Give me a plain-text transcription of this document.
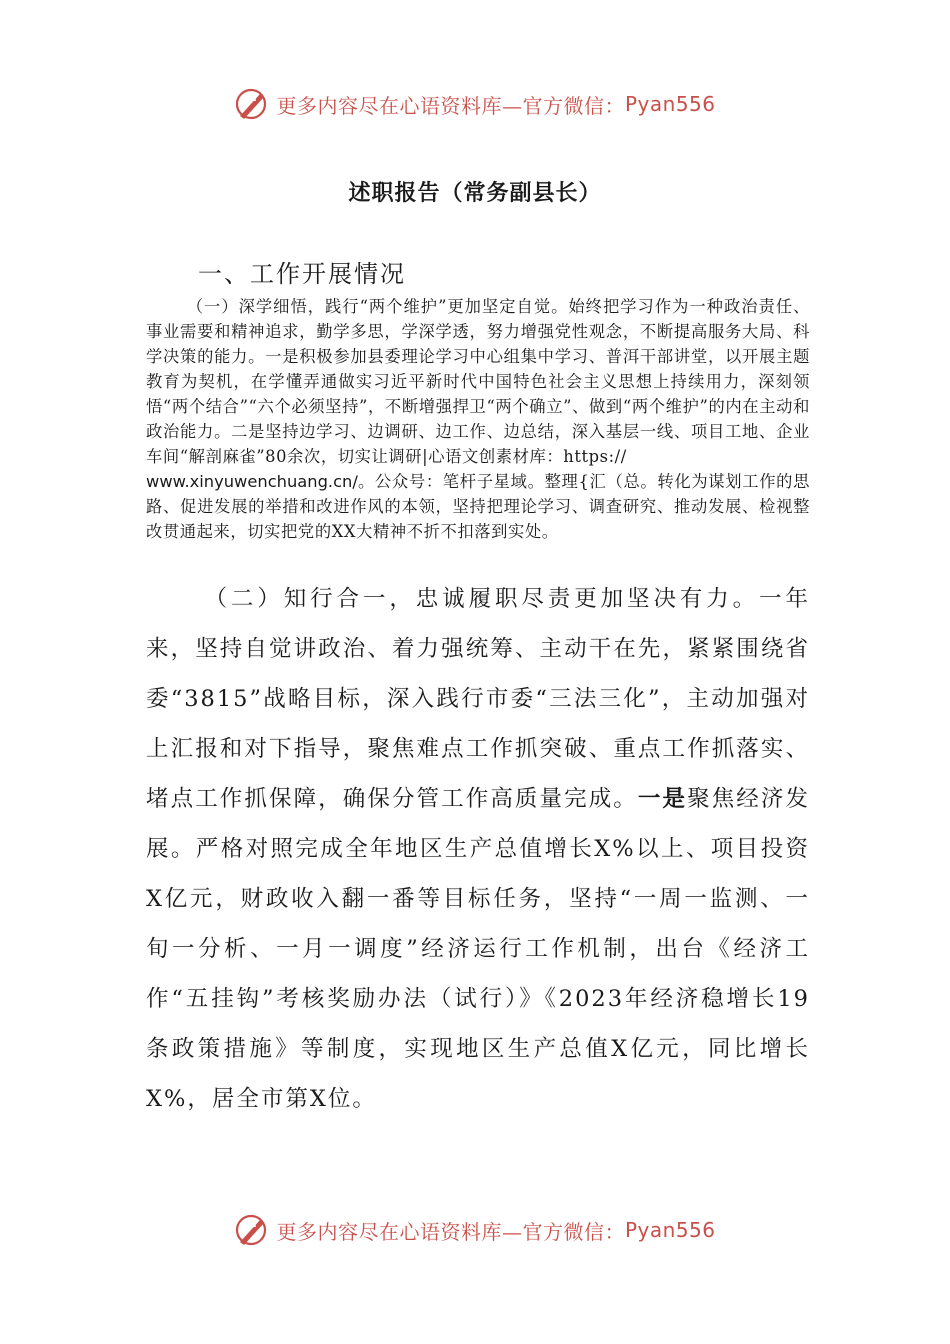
更多内容尽在心语资料库—官方微信： Pyan556
述职报告（常务副县长）
一、工作开展情况
（一）深学细悟，践行“两个维护”更加坚定自觉。始终把学习作为一种政治责任、事业需要和精神追求，勤学多思，学深学透，努力增强党性观念，不断提高服务大局、科学决策的能力。一是积极参加县委理论学习中心组集中学习、普洱干部讲堂，以开展主题教育为契机，在学懂弄通做实习近平新时代中国特色社会主义思想上持续用力，深刻领悟“两个结合”“六个必须坚持”，不断增强捍卫“两个确立”、做到“两个维护”的内在主动和政治能力。二是坚持边学习、边调研、边工作、边总结，深入基层一线、项目工地、企业车间“解剖麻雀”80余次，切实让调研|心语文创素材库：https://
www.xinyuwenchuang.cn/。公众号：笔杆子星域。整理{汇（总。转化为谋划工作的思路、促进发展的举措和改进作风的本领，坚持把理论学习、调查研究、推动发展、检视整改贯通起来，切实把党的XX大精神不折不扣落到实处。
（二）知行合一，忠诚履职尽责更加坚决有力。一年来，坚持自觉讲政治、着力强统筹、主动干在先，紧紧围绕省委“3815”战略目标，深入践行市委“三法三化”，主动加强对上汇报和对下指导，聚焦难点工作抓突破、重点工作抓落实、堵点工作抓保障，确保分管工作高质量完成。一是聚焦经济发展。严格对照完成全年地区生产总值增长X%以上、项目投资X亿元，财政收入翻一番等目标任务，坚持“一周一监测、一旬一分析、一月一调度”经济运行工作机制，出台《经济工作“五挂钩”考核奖励办法（试行）》《2023年经济稳增长19条政策措施》等制度，实现地区生产总值X亿元，同比增长X%，居全市第X位。
更多内容尽在心语资料库—官方微信： Pyan556
